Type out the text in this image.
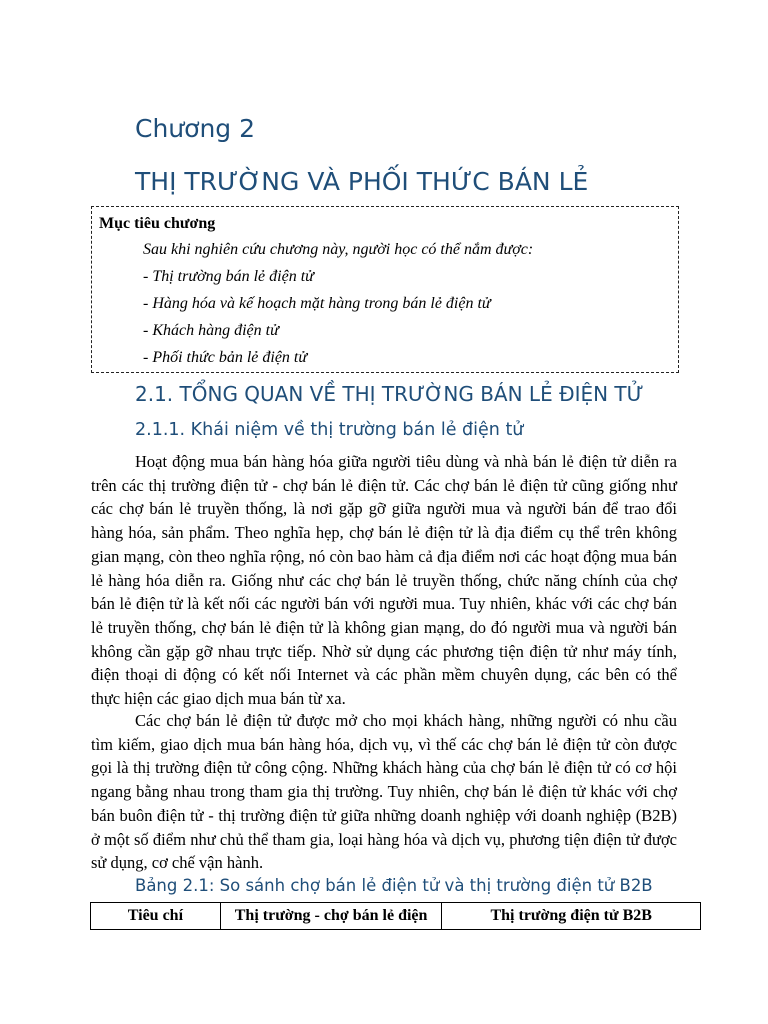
Chương 2
THỊ TRƯỜNG VÀ PHỐI THỨC BÁN LẺ

Mục tiêu chương

Sau khi nghiên cứu chương này, người học có thể nắm được:

- Thị trường bán lẻ điện tử
- Hàng hóa và kế hoạch mặt hàng trong bán lẻ điện tử
- Khách hàng điện tử
- Phối thức bản lẻ điện tử
2.1. TỔNG QUAN VỀ THỊ TRƯỜNG BÁN LẺ ĐIỆN TỬ
2.1.1. Khái niệm về thị trường bán lẻ điện tử

Hoạt động mua bán hàng hóa giữa người tiêu dùng và nhà bán lẻ điện tử diễn ra trên các thị trường điện tử - chợ bán lẻ điện tử. Các chợ bán lẻ điện tử cũng giống như các chợ bán lẻ truyền thống, là nơi gặp gỡ giữa người mua và người bán để trao đổi hàng hóa, sản phẩm. Theo nghĩa hẹp, chợ bán lẻ điện tử là địa điểm cụ thể trên không gian mạng, còn theo nghĩa rộng, nó còn bao hàm cả địa điểm nơi các hoạt động mua bán lẻ hàng hóa diễn ra. Giống như các chợ bán lẻ truyền thống, chức năng chính của chợ bán lẻ điện tử là kết nối các người bán với người mua. Tuy nhiên, khác với các chợ bán lẻ truyền thống, chợ bán lẻ điện tử là không gian mạng, do đó người mua và người bán không cần gặp gỡ nhau trực tiếp. Nhờ sử dụng các phương tiện điện tử như máy tính, điện thoại di động có kết nối Internet và các phần mềm chuyên dụng, các bên có thể thực hiện các giao dịch mua bán từ xa.

Các chợ bán lẻ điện tử được mở cho mọi khách hàng, những người có nhu cầu tìm kiếm, giao dịch mua bán hàng hóa, dịch vụ, vì thế các chợ bán lẻ điện tử còn được gọi là thị trường điện tử công cộng. Những khách hàng của chợ bán lẻ điện tử có cơ hội ngang bằng nhau trong tham gia thị trường. Tuy nhiên, chợ bán lẻ điện tử khác với chợ bán buôn điện tử - thị trường điện tử giữa những doanh nghiệp với doanh nghiệp (B2B) ở một số điểm như chủ thể tham gia, loại hàng hóa và dịch vụ, phương tiện điện tử được sử dụng, cơ chế vận hành.

Bảng 2.1: So sánh chợ bán lẻ điện tử và thị trường điện tử B2B

Tiêu chí	Thị trường - chợ bán lẻ điện	Thị trường điện tử B2B
